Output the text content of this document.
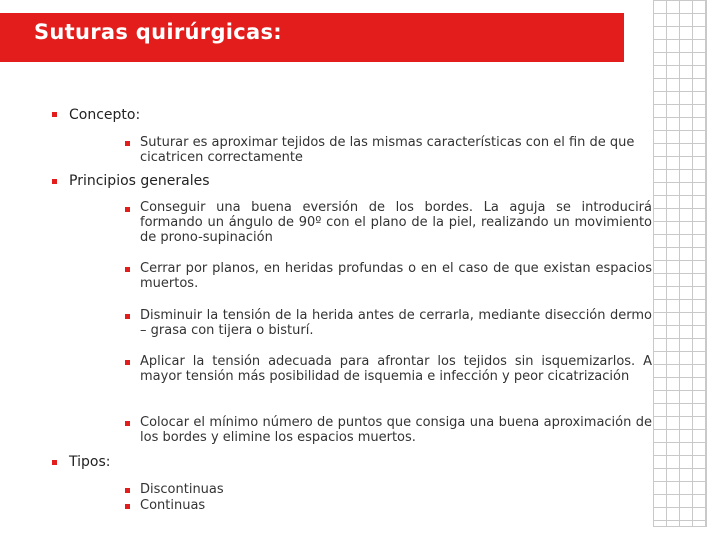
Suturas quirúrgicas:
Concepto:
Suturar es aproximar tejidos de las mismas características con el fin de que cicatricen correctamente
Principios generales
Conseguir una buena eversión de los bordes. La aguja se introducirá formando un ángulo de 90º con el plano de la piel, realizando un movimiento de prono-supinación
Cerrar por planos, en heridas profundas o en el caso de que existan espacios muertos.
Disminuir la tensión de la herida antes de cerrarla, mediante disección dermo – grasa con tijera o bisturí.
Aplicar la tensión adecuada para afrontar los tejidos sin isquemizarlos. A mayor tensión más posibilidad de isquemia e infección y peor cicatrización
Colocar el mínimo número de puntos que consiga una buena aproximación de los bordes y elimine los espacios muertos.
Tipos:
Discontinuas
Continuas
